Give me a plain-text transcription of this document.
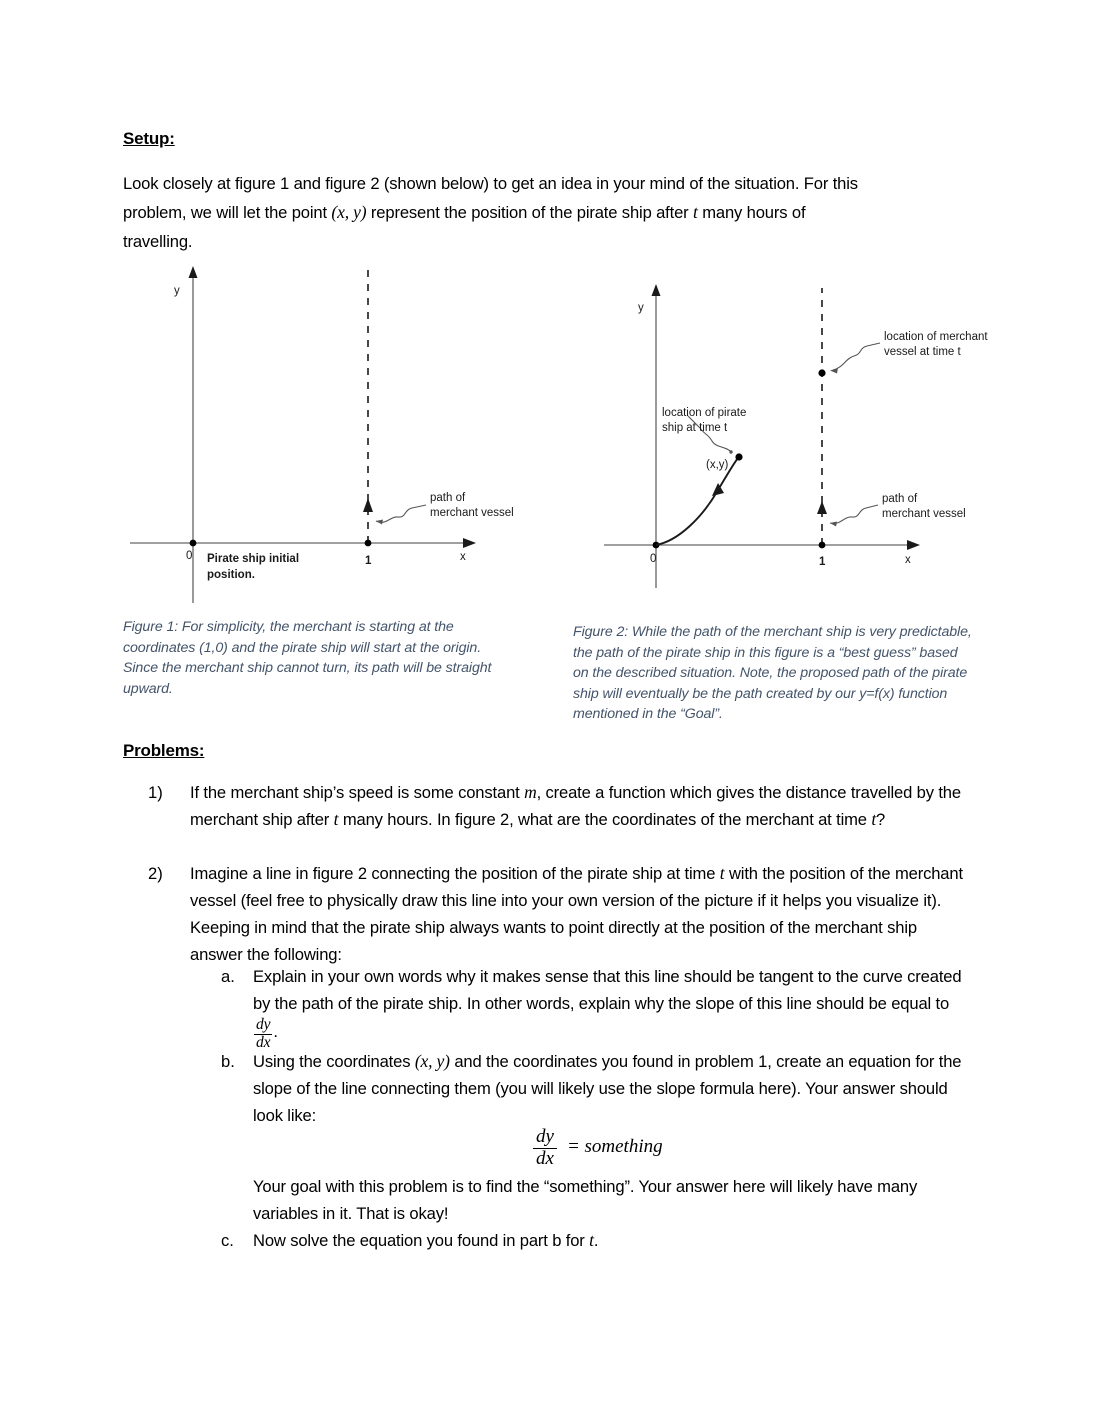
Setup:
Look closely at figure 1 and figure 2 (shown below) to get an idea in your mind of the situation. For this
problem, we will let the point (x, y) represent the position of the pirate ship after t many hours of
travelling.
y
x
0	1
Pirate ship initial
position.
path of
merchant vessel
y
x
0	1
location of merchant
vessel at time t
location of pirate
ship at time t
(x,y)
path of
merchant vessel
Figure 1: For simplicity, the merchant is starting at the coordinates (1,0) and the pirate ship will start at the origin. Since the merchant ship cannot turn, its path will be straight upward.
Figure 2: While the path of the merchant ship is very predictable, the path of the pirate ship in this figure is a “best guess” based on the described situation. Note, the proposed path of the pirate ship will eventually be the path created by our y=f(x) function mentioned in the “Goal”.
Problems:
1) If the merchant ship’s speed is some constant m, create a function which gives the distance travelled by the merchant ship after t many hours. In figure 2, what are the coordinates of the merchant at time t?
2) Imagine a line in figure 2 connecting the position of the pirate ship at time t with the position of the merchant vessel (feel free to physically draw this line into your own version of the picture if it helps you visualize it). Keeping in mind that the pirate ship always wants to point directly at the position of the merchant ship answer the following:
a. Explain in your own words why it makes sense that this line should be tangent to the curve created by the path of the pirate ship. In other words, explain why the slope of this line should be equal to
$\frac{dy}{dx}$ .
b. Using the coordinates (x, y) and the coordinates you found in problem 1, create an equation for the slope of the line connecting them (you will likely use the slope formula here). Your answer should look like:
$\frac{dy}{dx}$ = something
Your goal with this problem is to find the “something”. Your answer here will likely have many variables in it. That is okay!
c. Now solve the equation you found in part b for t.
